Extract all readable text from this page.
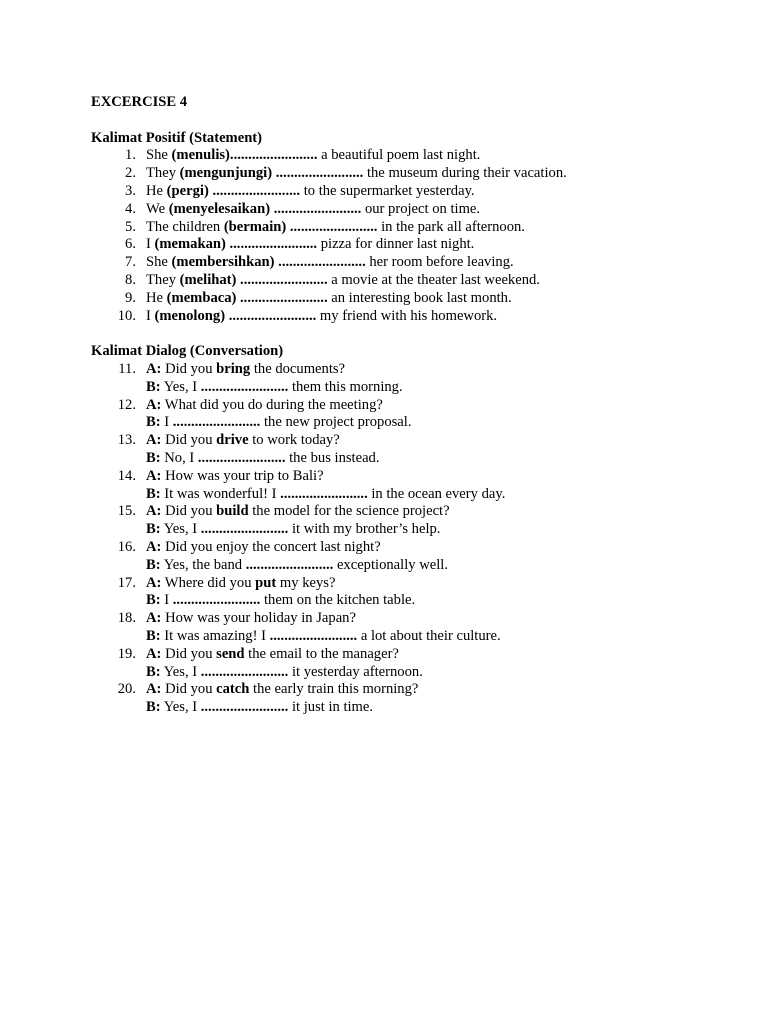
EXCERCISE 4

Kalimat Positif (Statement)

1. She (menulis)........................ a beautiful poem last night.
2. They (mengunjungi) ........................ the museum during their vacation.
3. He (pergi) ........................ to the supermarket yesterday.
4. We (menyelesaikan) ........................ our project on time.
5. The children (bermain) ........................ in the park all afternoon.
6. I (memakan) ........................ pizza for dinner last night.
7. She (membersihkan) ........................ her room before leaving.
8. They (melihat) ........................ a movie at the theater last weekend.
9. He (membaca) ........................ an interesting book last month.
10. I (menolong) ........................ my friend with his homework.

Kalimat Dialog (Conversation)

11. A: Did you bring the documents?
B: Yes, I ........................ them this morning.
12. A: What did you do during the meeting?
B: I ........................ the new project proposal.
13. A: Did you drive to work today?
B: No, I ........................ the bus instead.
14. A: How was your trip to Bali?
B: It was wonderful! I ........................ in the ocean every day.
15. A: Did you build the model for the science project?
B: Yes, I ........................ it with my brother’s help.
16. A: Did you enjoy the concert last night?
B: Yes, the band ........................ exceptionally well.
17. A: Where did you put my keys?
B: I ........................ them on the kitchen table.
18. A: How was your holiday in Japan?
B: It was amazing! I ........................ a lot about their culture.
19. A: Did you send the email to the manager?
B: Yes, I ........................ it yesterday afternoon.
20. A: Did you catch the early train this morning?
B: Yes, I ........................ it just in time.
